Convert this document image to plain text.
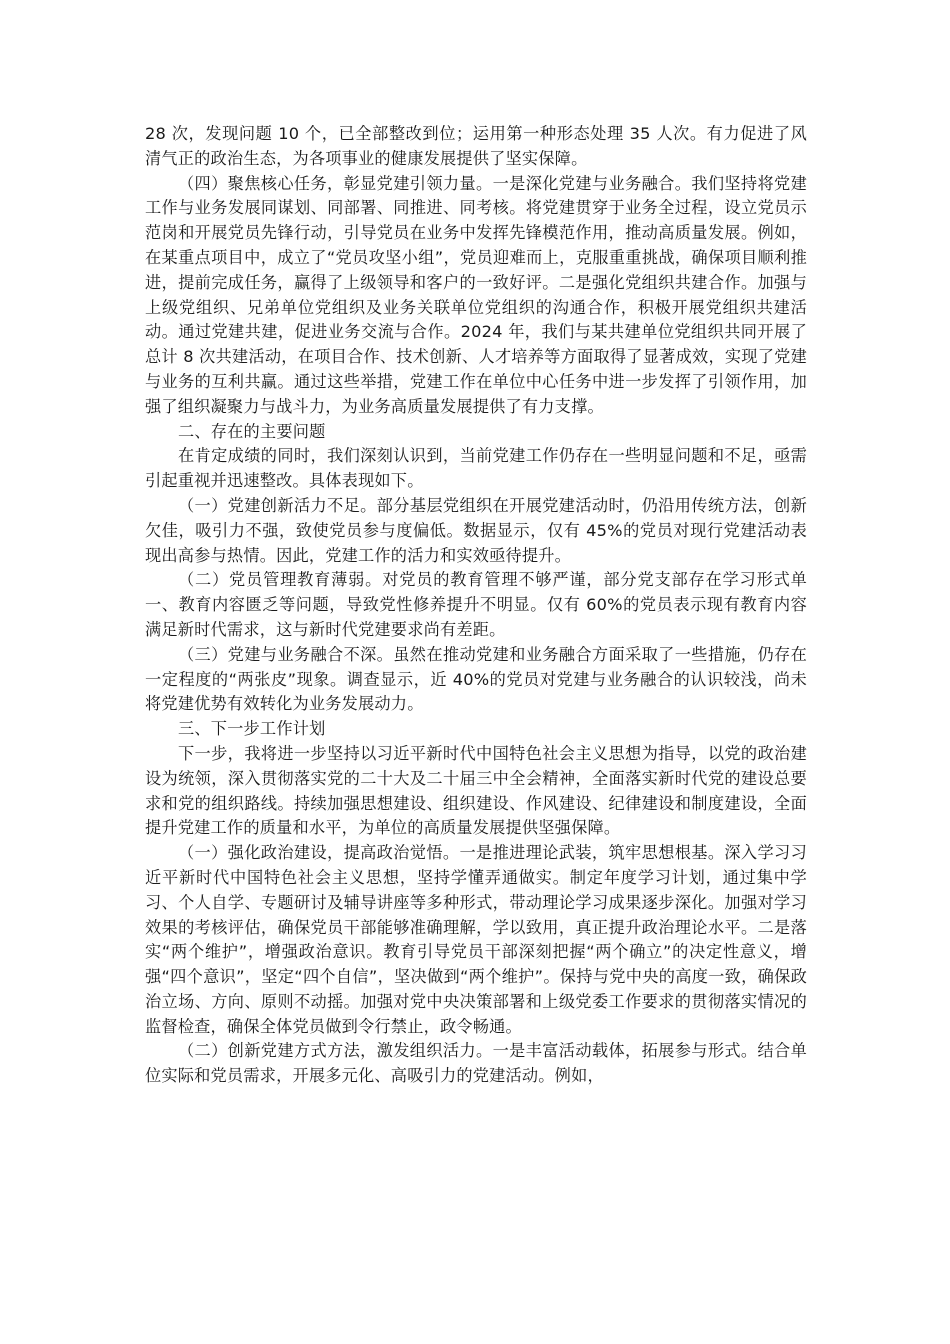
28 次，发现问题 10 个，已全部整改到位；运用第一种形态处理 35 人次。有力促进了风清气正的政治生态，为各项事业的健康发展提供了坚实保障。

（四）聚焦核心任务，彰显党建引领力量。一是深化党建与业务融合。我们坚持将党建工作与业务发展同谋划、同部署、同推进、同考核。将党建贯穿于业务全过程，设立党员示范岗和开展党员先锋行动，引导党员在业务中发挥先锋模范作用，推动高质量发展。例如，在某重点项目中，成立了“党员攻坚小组”，党员迎难而上，克服重重挑战，确保项目顺利推进，提前完成任务，赢得了上级领导和客户的一致好评。二是强化党组织共建合作。加强与上级党组织、兄弟单位党组织及业务关联单位党组织的沟通合作，积极开展党组织共建活动。通过党建共建，促进业务交流与合作。2024 年，我们与某共建单位党组织共同开展了总计 8 次共建活动，在项目合作、技术创新、人才培养等方面取得了显著成效，实现了党建与业务的互利共赢。通过这些举措，党建工作在单位中心任务中进一步发挥了引领作用，加强了组织凝聚力与战斗力，为业务高质量发展提供了有力支撑。

二、存在的主要问题

在肯定成绩的同时，我们深刻认识到，当前党建工作仍存在一些明显问题和不足，亟需引起重视并迅速整改。具体表现如下。

（一）党建创新活力不足。部分基层党组织在开展党建活动时，仍沿用传统方法，创新欠佳，吸引力不强，致使党员参与度偏低。数据显示，仅有 45%的党员对现行党建活动表现出高参与热情。因此，党建工作的活力和实效亟待提升。

（二）党员管理教育薄弱。对党员的教育管理不够严谨，部分党支部存在学习形式单一、教育内容匮乏等问题，导致党性修养提升不明显。仅有 60%的党员表示现有教育内容满足新时代需求，这与新时代党建要求尚有差距。

（三）党建与业务融合不深。虽然在推动党建和业务融合方面采取了一些措施，仍存在一定程度的“两张皮”现象。调查显示，近 40%的党员对党建与业务融合的认识较浅，尚未将党建优势有效转化为业务发展动力。

三、下一步工作计划

下一步，我将进一步坚持以习近平新时代中国特色社会主义思想为指导，以党的政治建设为统领，深入贯彻落实党的二十大及二十届三中全会精神，全面落实新时代党的建设总要求和党的组织路线。持续加强思想建设、组织建设、作风建设、纪律建设和制度建设，全面提升党建工作的质量和水平，为单位的高质量发展提供坚强保障。

（一）强化政治建设，提高政治觉悟。一是推进理论武装，筑牢思想根基。深入学习习近平新时代中国特色社会主义思想，坚持学懂弄通做实。制定年度学习计划，通过集中学习、个人自学、专题研讨及辅导讲座等多种形式，带动理论学习成果逐步深化。加强对学习效果的考核评估，确保党员干部能够准确理解，学以致用，真正提升政治理论水平。二是落实“两个维护”，增强政治意识。教育引导党员干部深刻把握“两个确立”的决定性意义，增强“四个意识”，坚定“四个自信”，坚决做到“两个维护”。保持与党中央的高度一致，确保政治立场、方向、原则不动摇。加强对党中央决策部署和上级党委工作要求的贯彻落实情况的监督检查，确保全体党员做到令行禁止，政令畅通。

（二）创新党建方式方法，激发组织活力。一是丰富活动载体，拓展参与形式。结合单位实际和党员需求，开展多元化、高吸引力的党建活动。例如，
